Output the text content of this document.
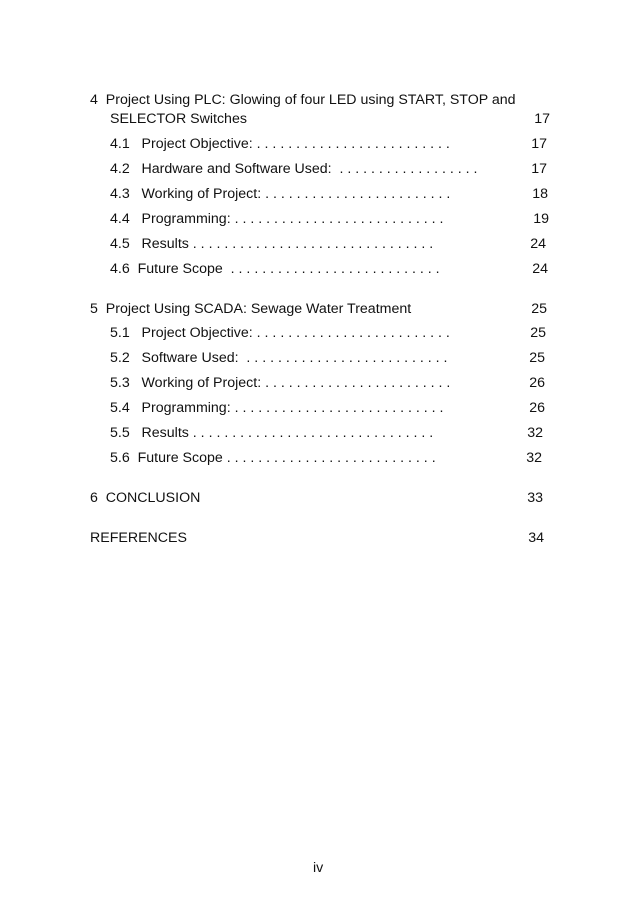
4  Project Using PLC: Glowing of four LED using START, STOP and
SELECTOR Switches	17
4.1   Project Objective: . . . . . . . . . . . . . . . . . . . . . . . . .	17
4.2   Hardware and Software Used:  . . . . . . . . . . . . . . . . . .	17
4.3   Working of Project: . . . . . . . . . . . . . . . . . . . . . . . .	18
4.4   Programming: . . . . . . . . . . . . . . . . . . . . . . . . . . .	19
4.5   Results . . . . . . . . . . . . . . . . . . . . . . . . . . . . . . .	24
4.6  Future Scope  . . . . . . . . . . . . . . . . . . . . . . . . . . .	24
5  Project Using SCADA: Sewage Water Treatment	25
5.1   Project Objective: . . . . . . . . . . . . . . . . . . . . . . . . .	25
5.2   Software Used:  . . . . . . . . . . . . . . . . . . . . . . . . . .	25
5.3   Working of Project: . . . . . . . . . . . . . . . . . . . . . . . .	26
5.4   Programming: . . . . . . . . . . . . . . . . . . . . . . . . . . .	26
5.5   Results . . . . . . . . . . . . . . . . . . . . . . . . . . . . . . .	32
5.6  Future Scope . . . . . . . . . . . . . . . . . . . . . . . . . . .	32
6  CONCLUSION	33
REFERENCES	34
iv
